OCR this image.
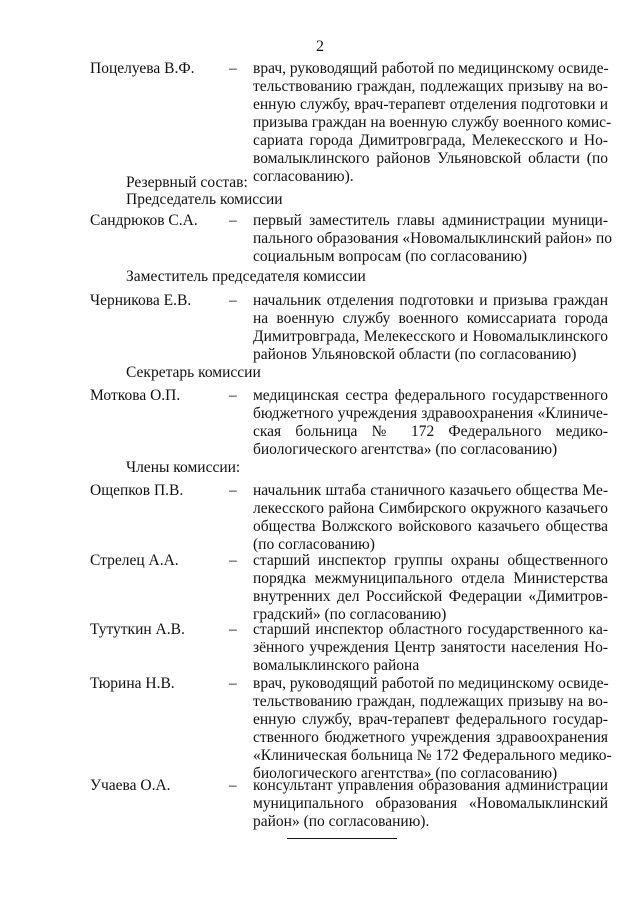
2
Поцелуева В.Ф. – врач, руководящий работой по медицинскому освиде-
тельствованию граждан, подлежащих призыву на во-
енную службу, врач-терапевт отделения подготовки и
призыва граждан на военную службу военного комис-
сариата города Димитровграда, Мелекесского и Но-
вомалыклинского районов Ульяновской области (по
согласованию).
Резервный состав:
Председатель комиссии
Сандрюков С.А. – первый заместитель главы администрации муници-
пального образования «Новомалыклинский район» по
социальным вопросам (по согласованию)
Заместитель председателя комиссии
Черникова Е.В. – начальник отделения подготовки и призыва граждан
на военную службу военного комиссариата города
Димитровграда, Мелекесского и Новомалыклинского
районов Ульяновской области (по согласованию)
Секретарь комиссии
Моткова О.П.	– медицинская сестра федерального государственного
бюджетного учреждения здравоохранения «Клиниче-
ская больница № 172 Федерального медико-
биологического агентства» (по согласованию)
Члены комиссии:
Ощепков П.В.	– начальник штаба станичного казачьего общества Ме-
лекесского района Симбирского окружного казачьего
общества Волжского войскового казачьего общества
(по согласованию)
Стрелец А.А.	– старший инспектор группы охраны общественного
порядка межмуниципального отдела Министерства
внутренних дел Российской Федерации «Димитров-
градский» (по согласованию)
Тутуткин А.В.	– старший инспектор областного государственного ка-
зённого учреждения Центр занятости населения Но-
вомалыклинского района
Тюрина Н.В.	– врач, руководящий работой по медицинскому освиде-
тельствованию граждан, подлежащих призыву на во-
енную службу, врач-терапевт федерального государ-
ственного бюджетного учреждения здравоохранения
«Клиническая больница № 172 Федерального медико-
биологического агентства» (по согласованию)
Учаева О.А.	– консультант управления образования администрации
муниципального образования «Новомалыклинский
район» (по согласованию).
